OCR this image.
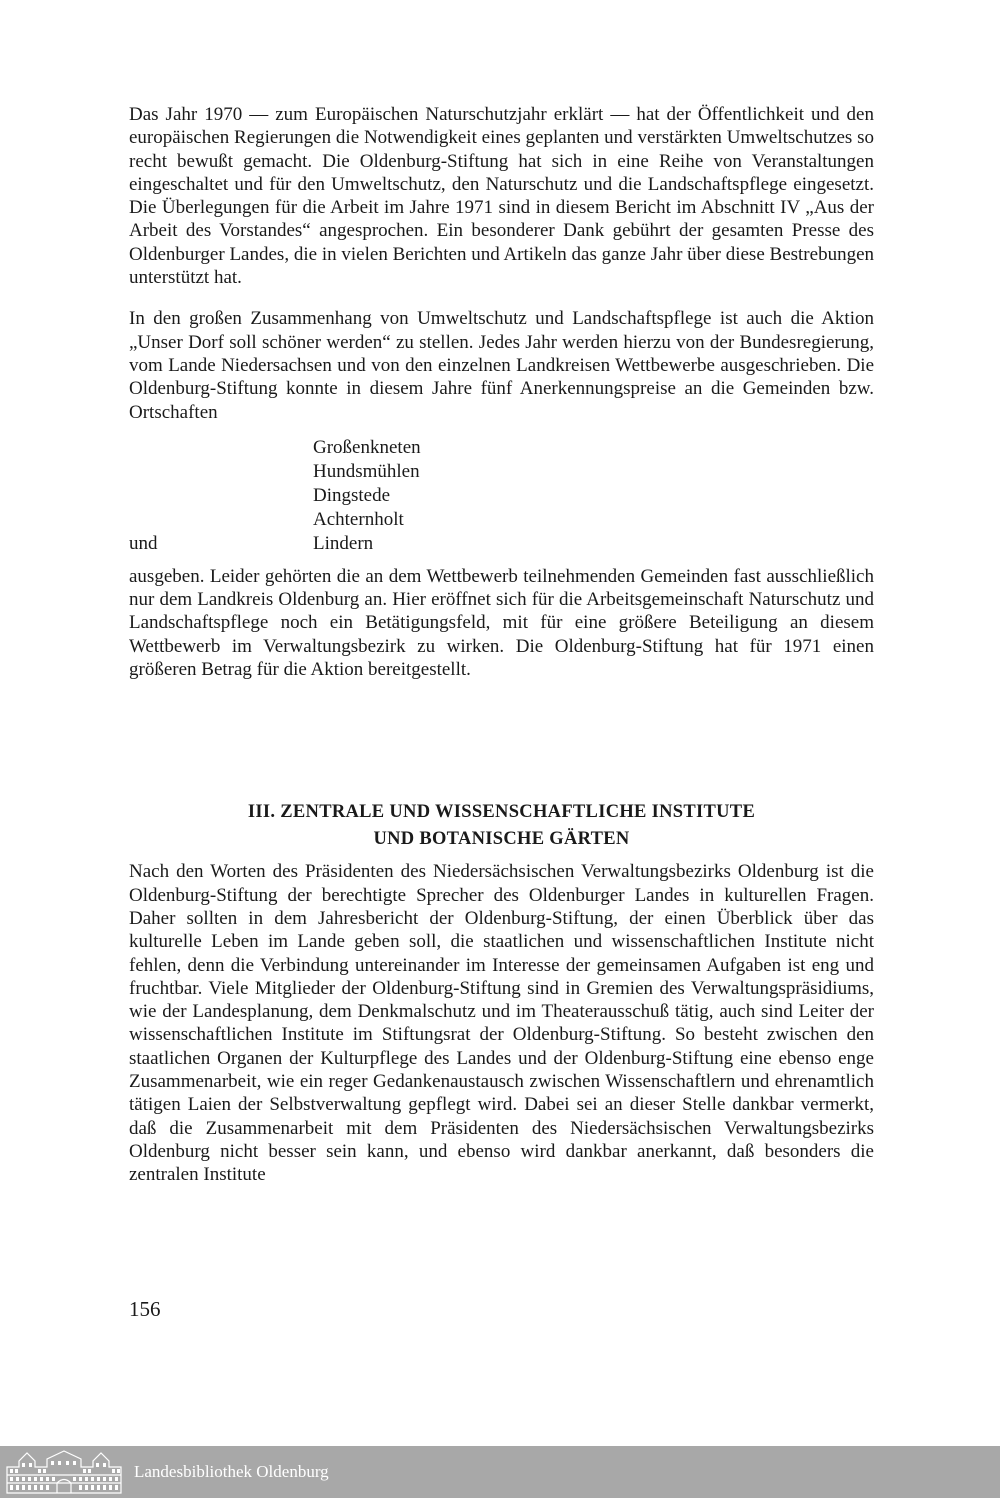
Das Jahr 1970 — zum Europäischen Naturschutzjahr erklärt — hat der Öffentlichkeit und den europäischen Regierungen die Notwendigkeit eines geplanten und verstärkten Umweltschutzes so recht bewußt gemacht. Die Oldenburg-Stiftung hat sich in eine Reihe von Veranstaltungen eingeschaltet und für den Umweltschutz, den Naturschutz und die Landschaftspflege eingesetzt. Die Überlegungen für die Arbeit im Jahre 1971 sind in diesem Bericht im Abschnitt IV „Aus der Arbeit des Vorstandes“ angesprochen. Ein besonderer Dank gebührt der gesamten Presse des Oldenburger Landes, die in vielen Berichten und Artikeln das ganze Jahr über diese Bestrebungen unterstützt hat.

In den großen Zusammenhang von Umweltschutz und Landschaftspflege ist auch die Aktion „Unser Dorf soll schöner werden“ zu stellen. Jedes Jahr werden hierzu von der Bundesregierung, vom Lande Niedersachsen und von den einzelnen Landkreisen Wettbewerbe ausgeschrieben. Die Oldenburg-Stiftung konnte in diesem Jahre fünf Anerkennungspreise an die Gemeinden bzw. Ortschaften

Großenkneten
Hundsmühlen
Dingstede
Achternholt
und	Lindern

ausgeben. Leider gehörten die an dem Wettbewerb teilnehmenden Gemeinden fast ausschließlich nur dem Landkreis Oldenburg an. Hier eröffnet sich für die Arbeitsgemeinschaft Naturschutz und Landschaftspflege noch ein Betätigungsfeld, mit für eine größere Beteiligung an diesem Wettbewerb im Verwaltungsbezirk zu wirken. Die Oldenburg-Stiftung hat für 1971 einen größeren Betrag für die Aktion bereitgestellt.

III. ZENTRALE UND WISSENSCHAFTLICHE INSTITUTE
UND BOTANISCHE GÄRTEN

Nach den Worten des Präsidenten des Niedersächsischen Verwaltungsbezirks Oldenburg ist die Oldenburg-Stiftung der berechtigte Sprecher des Oldenburger Landes in kulturellen Fragen. Daher sollten in dem Jahresbericht der Oldenburg-Stiftung, der einen Überblick über das kulturelle Leben im Lande geben soll, die staatlichen und wissenschaftlichen Institute nicht fehlen, denn die Verbindung untereinander im Interesse der gemeinsamen Aufgaben ist eng und fruchtbar. Viele Mitglieder der Oldenburg-Stiftung sind in Gremien des Verwaltungspräsidiums, wie der Landesplanung, dem Denkmalschutz und im Theaterausschuß tätig, auch sind Leiter der wissenschaftlichen Institute im Stiftungsrat der Oldenburg-Stiftung. So besteht zwischen den staatlichen Organen der Kulturpflege des Landes und der Oldenburg-Stiftung eine ebenso enge Zusammenarbeit, wie ein reger Gedankenaustausch zwischen Wissenschaftlern und ehrenamtlich tätigen Laien der Selbstverwaltung gepflegt wird. Dabei sei an dieser Stelle dankbar vermerkt, daß die Zusammenarbeit mit dem Präsidenten des Niedersächsischen Verwaltungsbezirks Oldenburg nicht besser sein kann, und ebenso wird dankbar anerkannt, daß besonders die zentralen Institute

156
Landesbibliothek Oldenburg
